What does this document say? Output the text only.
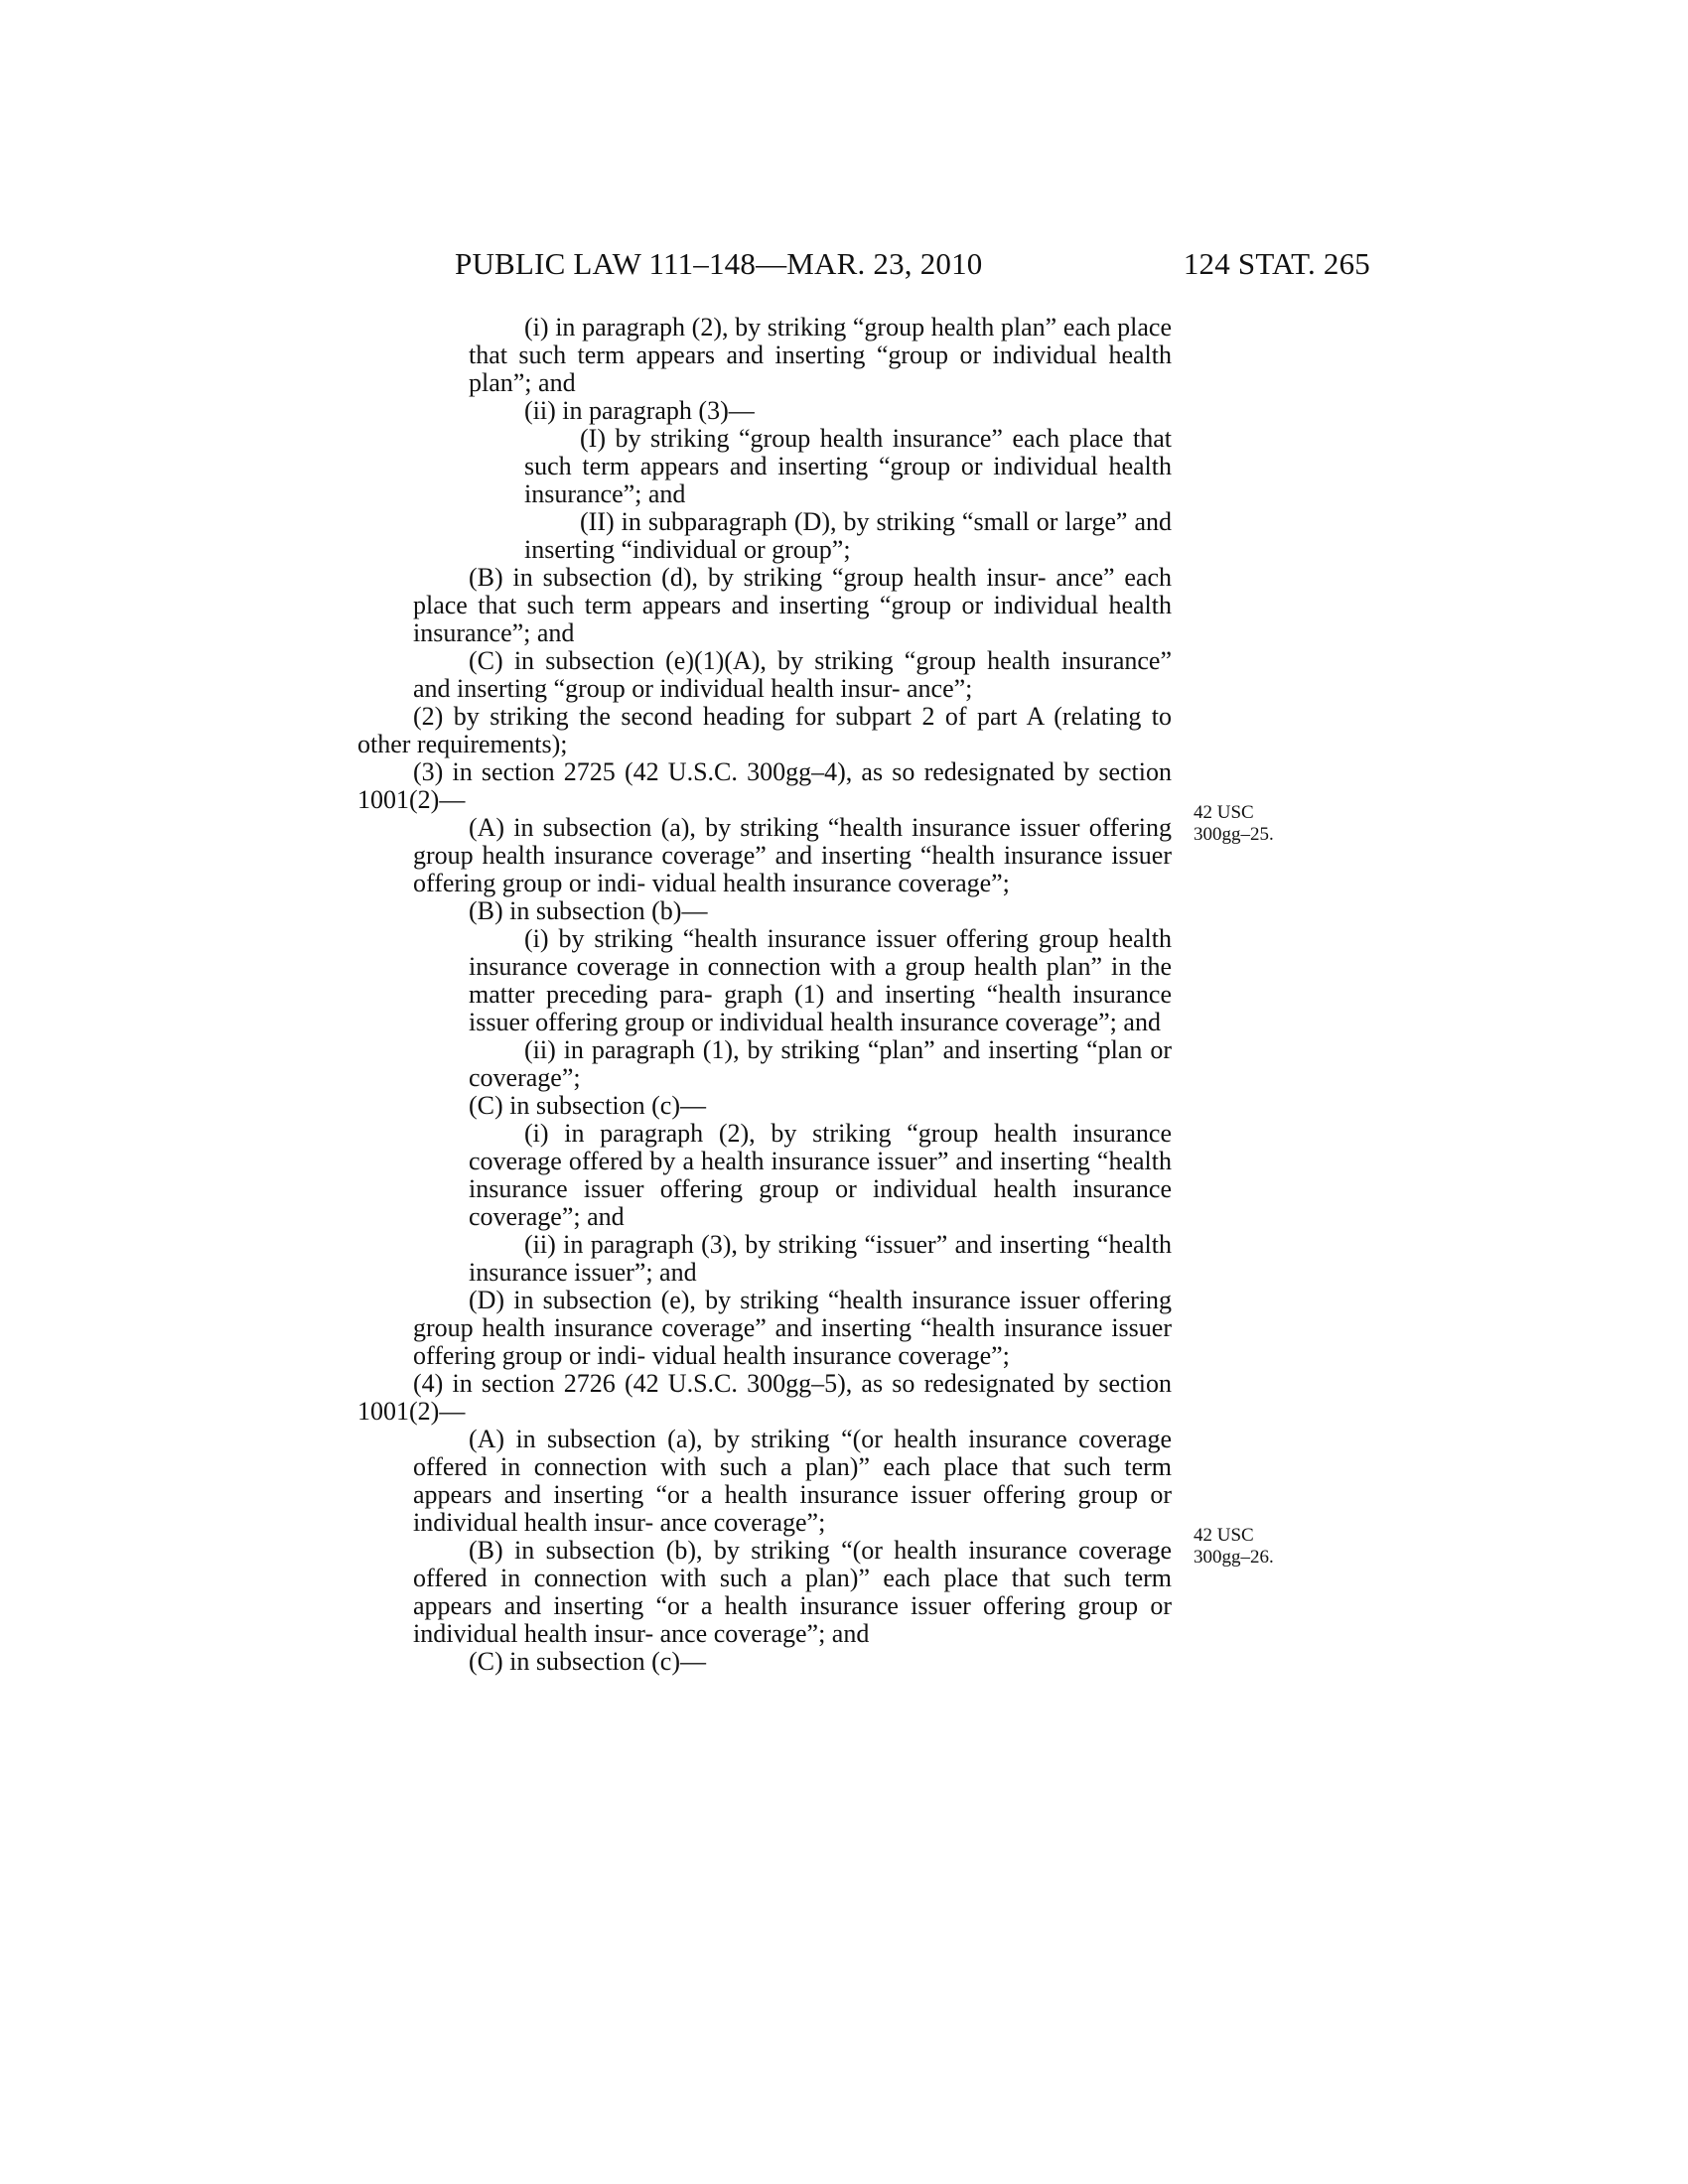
PUBLIC LAW 111–148—MAR. 23, 2010	124 STAT. 265

(i) in paragraph (2), by striking “group health plan” each place that such term appears and inserting “group or individual health plan”; and

(ii) in paragraph (3)—

(I) by striking “group health insurance” each place that such term appears and inserting “group or individual health insurance”; and

(II) in subparagraph (D), by striking “small or large” and inserting “individual or group”;

(B) in subsection (d), by striking “group health insur- ance” each place that such term appears and inserting “group or individual health insurance”; and

(C) in subsection (e)(1)(A), by striking “group health insurance” and inserting “group or individual health insur- ance”;

(2) by striking the second heading for subpart 2 of part A (relating to other requirements);

(3) in section 2725 (42 U.S.C. 300gg–4), as so redesignated by section 1001(2)—

(A) in subsection (a), by striking “health insurance issuer offering group health insurance coverage” and inserting “health insurance issuer offering group or indi- vidual health insurance coverage”;

(B) in subsection (b)—

(i) by striking “health insurance issuer offering group health insurance coverage in connection with a group health plan” in the matter preceding para- graph (1) and inserting “health insurance issuer offering group or individual health insurance coverage”; and

(ii) in paragraph (1), by striking “plan” and inserting “plan or coverage”;

(C) in subsection (c)—

(i) in paragraph (2), by striking “group health insurance coverage offered by a health insurance issuer” and inserting “health insurance issuer offering group or individual health insurance coverage”; and

(ii) in paragraph (3), by striking “issuer” and inserting “health insurance issuer”; and

(D) in subsection (e), by striking “health insurance issuer offering group health insurance coverage” and inserting “health insurance issuer offering group or indi- vidual health insurance coverage”;

(4) in section 2726 (42 U.S.C. 300gg–5), as so redesignated by section 1001(2)—

(A) in subsection (a), by striking “(or health insurance coverage offered in connection with such a plan)” each place that such term appears and inserting “or a health insurance issuer offering group or individual health insur- ance coverage”;

(B) in subsection (b), by striking “(or health insurance coverage offered in connection with such a plan)” each place that such term appears and inserting “or a health insurance issuer offering group or individual health insur- ance coverage”; and

(C) in subsection (c)—

42 USC
300gg–25.
42 USC
300gg–26.
